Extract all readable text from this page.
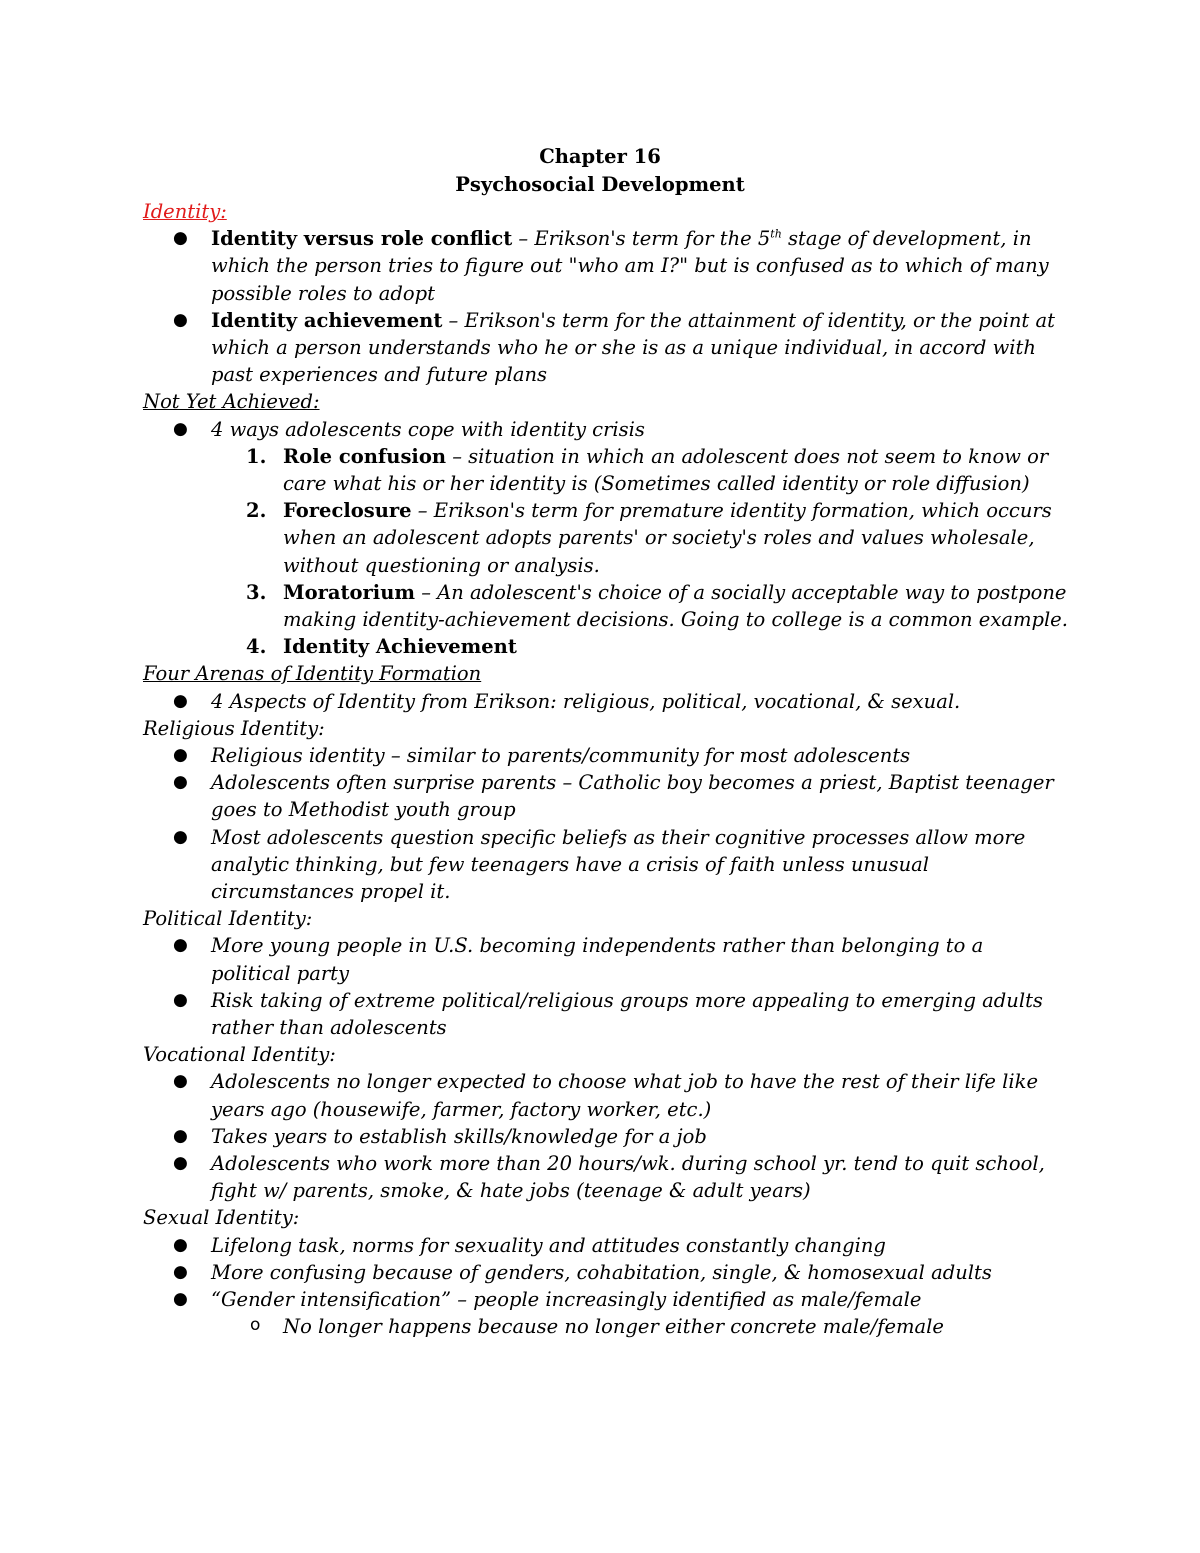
Chapter 16
Psychosocial Development
Identity:
● Identity versus role conflict – Erikson's term for the 5th stage of development, in which the person tries to figure out "who am I?" but is confused as to which of many possible roles to adopt
● Identity achievement – Erikson's term for the attainment of identity, or the point at which a person understands who he or she is as a unique individual, in accord with past experiences and future plans
Not Yet Achieved:
● 4 ways adolescents cope with identity crisis
1. Role confusion – situation in which an adolescent does not seem to know or care what his or her identity is (Sometimes called identity or role diffusion)
2. Foreclosure – Erikson's term for premature identity formation, which occurs when an adolescent adopts parents' or society's roles and values wholesale, without questioning or analysis.
3. Moratorium – An adolescent's choice of a socially acceptable way to postpone making identity-achievement decisions. Going to college is a common example.
4. Identity Achievement
Four Arenas of Identity Formation
● 4 Aspects of Identity from Erikson: religious, political, vocational, & sexual.
Religious Identity:
● Religious identity – similar to parents/community for most adolescents
● Adolescents often surprise parents – Catholic boy becomes a priest, Baptist teenager goes to Methodist youth group
● Most adolescents question specific beliefs as their cognitive processes allow more analytic thinking, but few teenagers have a crisis of faith unless unusual circumstances propel it.
Political Identity:
● More young people in U.S. becoming independents rather than belonging to a political party
● Risk taking of extreme political/religious groups more appealing to emerging adults rather than adolescents
Vocational Identity:
● Adolescents no longer expected to choose what job to have the rest of their life like years ago (housewife, farmer, factory worker, etc.)
● Takes years to establish skills/knowledge for a job
● Adolescents who work more than 20 hours/wk. during school yr. tend to quit school, fight w/ parents, smoke, & hate jobs (teenage & adult years)
Sexual Identity:
● Lifelong task, norms for sexuality and attitudes constantly changing
● More confusing because of genders, cohabitation, single, & homosexual adults
● “Gender intensification” – people increasingly identified as male/female
o No longer happens because no longer either concrete male/female
